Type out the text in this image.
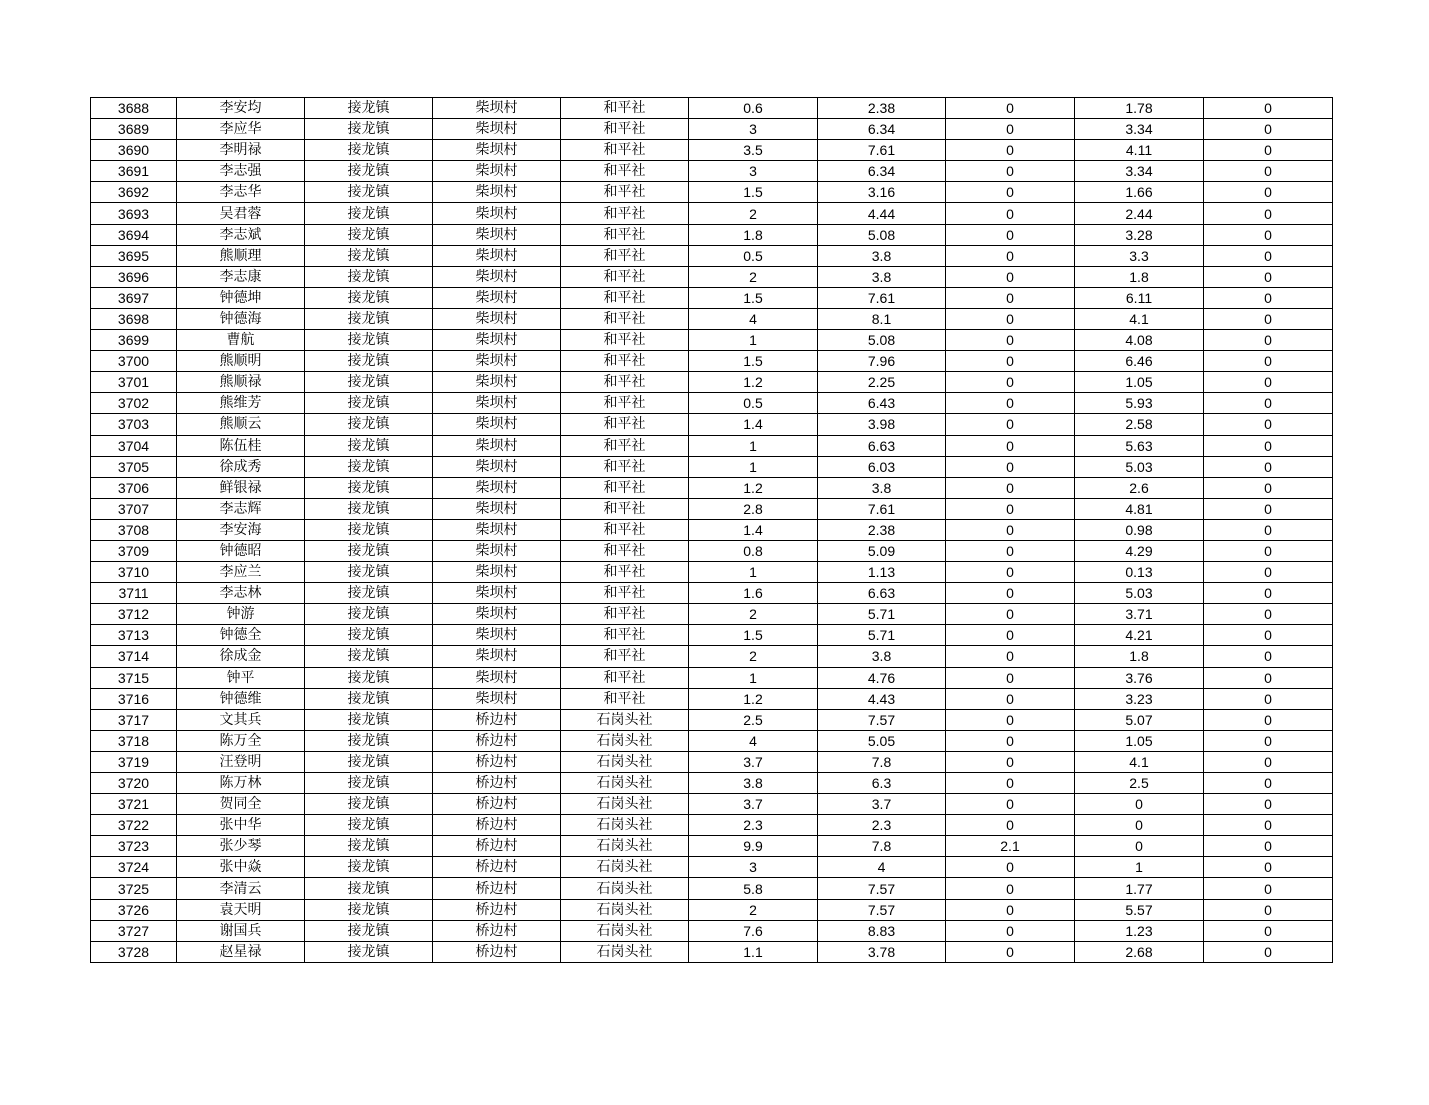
3688	李安均	接龙镇	柴坝村	和平社	0.6	2.38	0	1.78	0
3689	李应华	接龙镇	柴坝村	和平社	3	6.34	0	3.34	0
3690	李明禄	接龙镇	柴坝村	和平社	3.5	7.61	0	4.11	0
3691	李志强	接龙镇	柴坝村	和平社	3	6.34	0	3.34	0
3692	李志华	接龙镇	柴坝村	和平社	1.5	3.16	0	1.66	0
3693	吴君蓉	接龙镇	柴坝村	和平社	2	4.44	0	2.44	0
3694	李志斌	接龙镇	柴坝村	和平社	1.8	5.08	0	3.28	0
3695	熊顺理	接龙镇	柴坝村	和平社	0.5	3.8	0	3.3	0
3696	李志康	接龙镇	柴坝村	和平社	2	3.8	0	1.8	0
3697	钟德坤	接龙镇	柴坝村	和平社	1.5	7.61	0	6.11	0
3698	钟德海	接龙镇	柴坝村	和平社	4	8.1	0	4.1	0
3699	曹航	接龙镇	柴坝村	和平社	1	5.08	0	4.08	0
3700	熊顺明	接龙镇	柴坝村	和平社	1.5	7.96	0	6.46	0
3701	熊顺禄	接龙镇	柴坝村	和平社	1.2	2.25	0	1.05	0
3702	熊维芳	接龙镇	柴坝村	和平社	0.5	6.43	0	5.93	0
3703	熊顺云	接龙镇	柴坝村	和平社	1.4	3.98	0	2.58	0
3704	陈伍桂	接龙镇	柴坝村	和平社	1	6.63	0	5.63	0
3705	徐成秀	接龙镇	柴坝村	和平社	1	6.03	0	5.03	0
3706	鲜银禄	接龙镇	柴坝村	和平社	1.2	3.8	0	2.6	0
3707	李志辉	接龙镇	柴坝村	和平社	2.8	7.61	0	4.81	0
3708	李安海	接龙镇	柴坝村	和平社	1.4	2.38	0	0.98	0
3709	钟德昭	接龙镇	柴坝村	和平社	0.8	5.09	0	4.29	0
3710	李应兰	接龙镇	柴坝村	和平社	1	1.13	0	0.13	0
3711	李志林	接龙镇	柴坝村	和平社	1.6	6.63	0	5.03	0
3712	钟游	接龙镇	柴坝村	和平社	2	5.71	0	3.71	0
3713	钟德全	接龙镇	柴坝村	和平社	1.5	5.71	0	4.21	0
3714	徐成金	接龙镇	柴坝村	和平社	2	3.8	0	1.8	0
3715	钟平	接龙镇	柴坝村	和平社	1	4.76	0	3.76	0
3716	钟德维	接龙镇	柴坝村	和平社	1.2	4.43	0	3.23	0
3717	文其兵	接龙镇	桥边村	石岗头社	2.5	7.57	0	5.07	0
3718	陈万全	接龙镇	桥边村	石岗头社	4	5.05	0	1.05	0
3719	汪登明	接龙镇	桥边村	石岗头社	3.7	7.8	0	4.1	0
3720	陈万林	接龙镇	桥边村	石岗头社	3.8	6.3	0	2.5	0
3721	贺同全	接龙镇	桥边村	石岗头社	3.7	3.7	0	0	0
3722	张中华	接龙镇	桥边村	石岗头社	2.3	2.3	0	0	0
3723	张少琴	接龙镇	桥边村	石岗头社	9.9	7.8	2.1	0	0
3724	张中焱	接龙镇	桥边村	石岗头社	3	4	0	1	0
3725	李清云	接龙镇	桥边村	石岗头社	5.8	7.57	0	1.77	0
3726	袁天明	接龙镇	桥边村	石岗头社	2	7.57	0	5.57	0
3727	谢国兵	接龙镇	桥边村	石岗头社	7.6	8.83	0	1.23	0
3728	赵星禄	接龙镇	桥边村	石岗头社	1.1	3.78	0	2.68	0
